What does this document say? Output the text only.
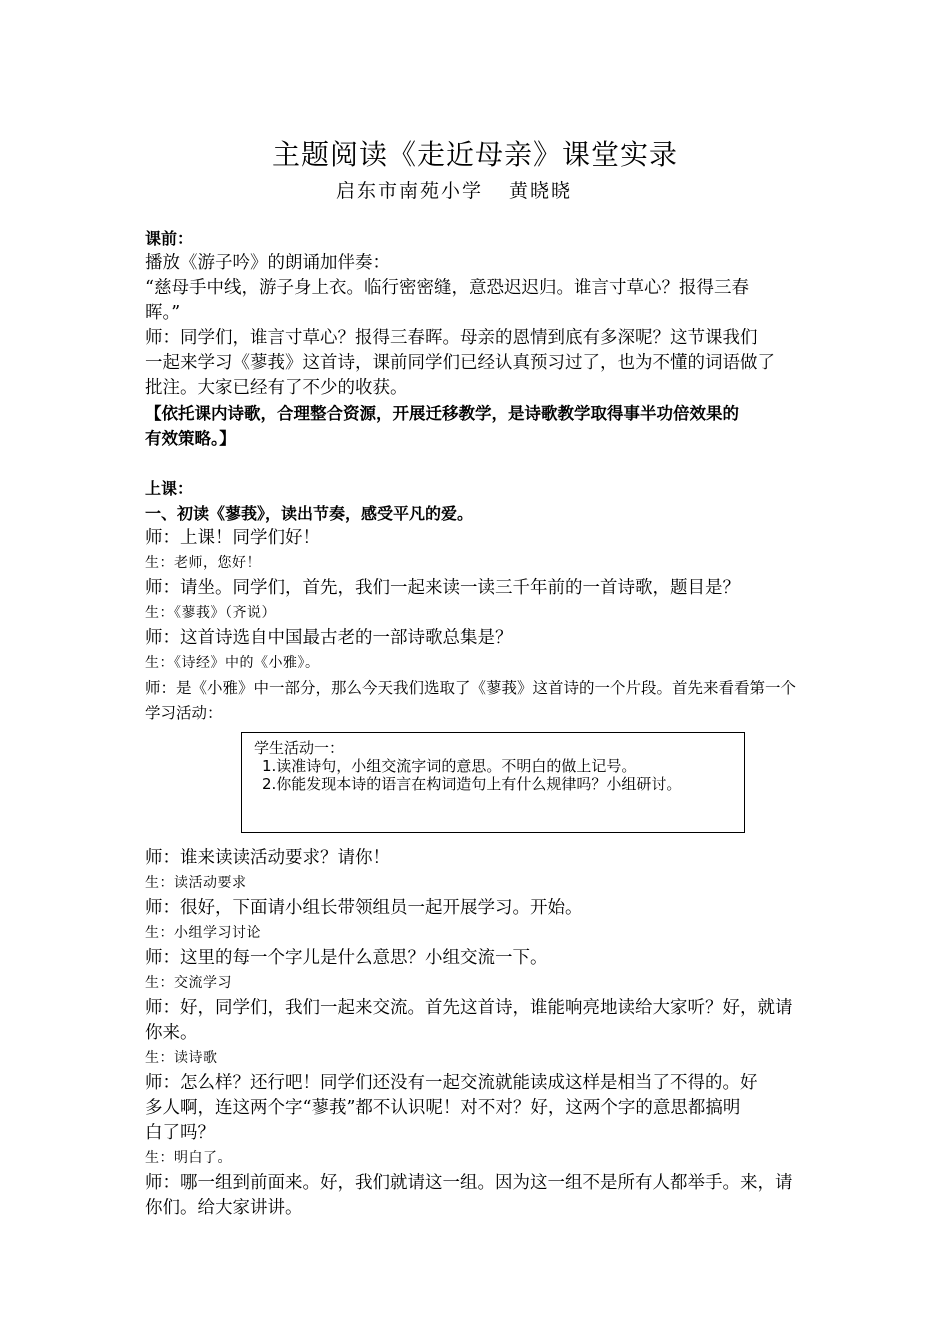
主题阅读《走近母亲》课堂实录
启东市南苑小学 黄晓晓
课前：
播放《游子吟》的朗诵加伴奏：
“慈母手中线，游子身上衣。临行密密缝，意恐迟迟归。谁言寸草心？报得三春
晖。”
师：同学们，谁言寸草心？报得三春晖。母亲的恩情到底有多深呢？这节课我们
一起来学习《蓼莪》这首诗，课前同学们已经认真预习过了，也为不懂的词语做了
批注。大家已经有了不少的收获。
【依托课内诗歌，合理整合资源，开展迁移教学，是诗歌教学取得事半功倍效果的
有效策略。】
上课：
一、初读《蓼莪》，读出节奏，感受平凡的爱。
师：上课！同学们好！
生：老师，您好！
师：请坐。同学们，首先，我们一起来读一读三千年前的一首诗歌，题目是？
生：《蓼莪》（齐说）
师：这首诗选自中国最古老的一部诗歌总集是？
生：《诗经》中的《小雅》。
师：是《小雅》中一部分，那么今天我们选取了《蓼莪》这首诗的一个片段。首先来看看第一个
学习活动：
学生活动一：
1.读准诗句，小组交流字词的意思。不明白的做上记号。
2.你能发现本诗的语言在构词造句上有什么规律吗？小组研讨。
师：谁来读读活动要求？请你！
生：读活动要求
师：很好，下面请小组长带领组员一起开展学习。开始。
生：小组学习讨论
师：这里的每一个字儿是什么意思？小组交流一下。
生：交流学习
师：好，同学们，我们一起来交流。首先这首诗，谁能响亮地读给大家听？好，就请
你来。
生：读诗歌
师：怎么样？还行吧！同学们还没有一起交流就能读成这样是相当了不得的。好
多人啊，连这两个字“蓼莪”都不认识呢！对不对？好，这两个字的意思都搞明
白了吗？
生：明白了。
师：哪一组到前面来。好，我们就请这一组。因为这一组不是所有人都举手。来，请
你们。给大家讲讲。
